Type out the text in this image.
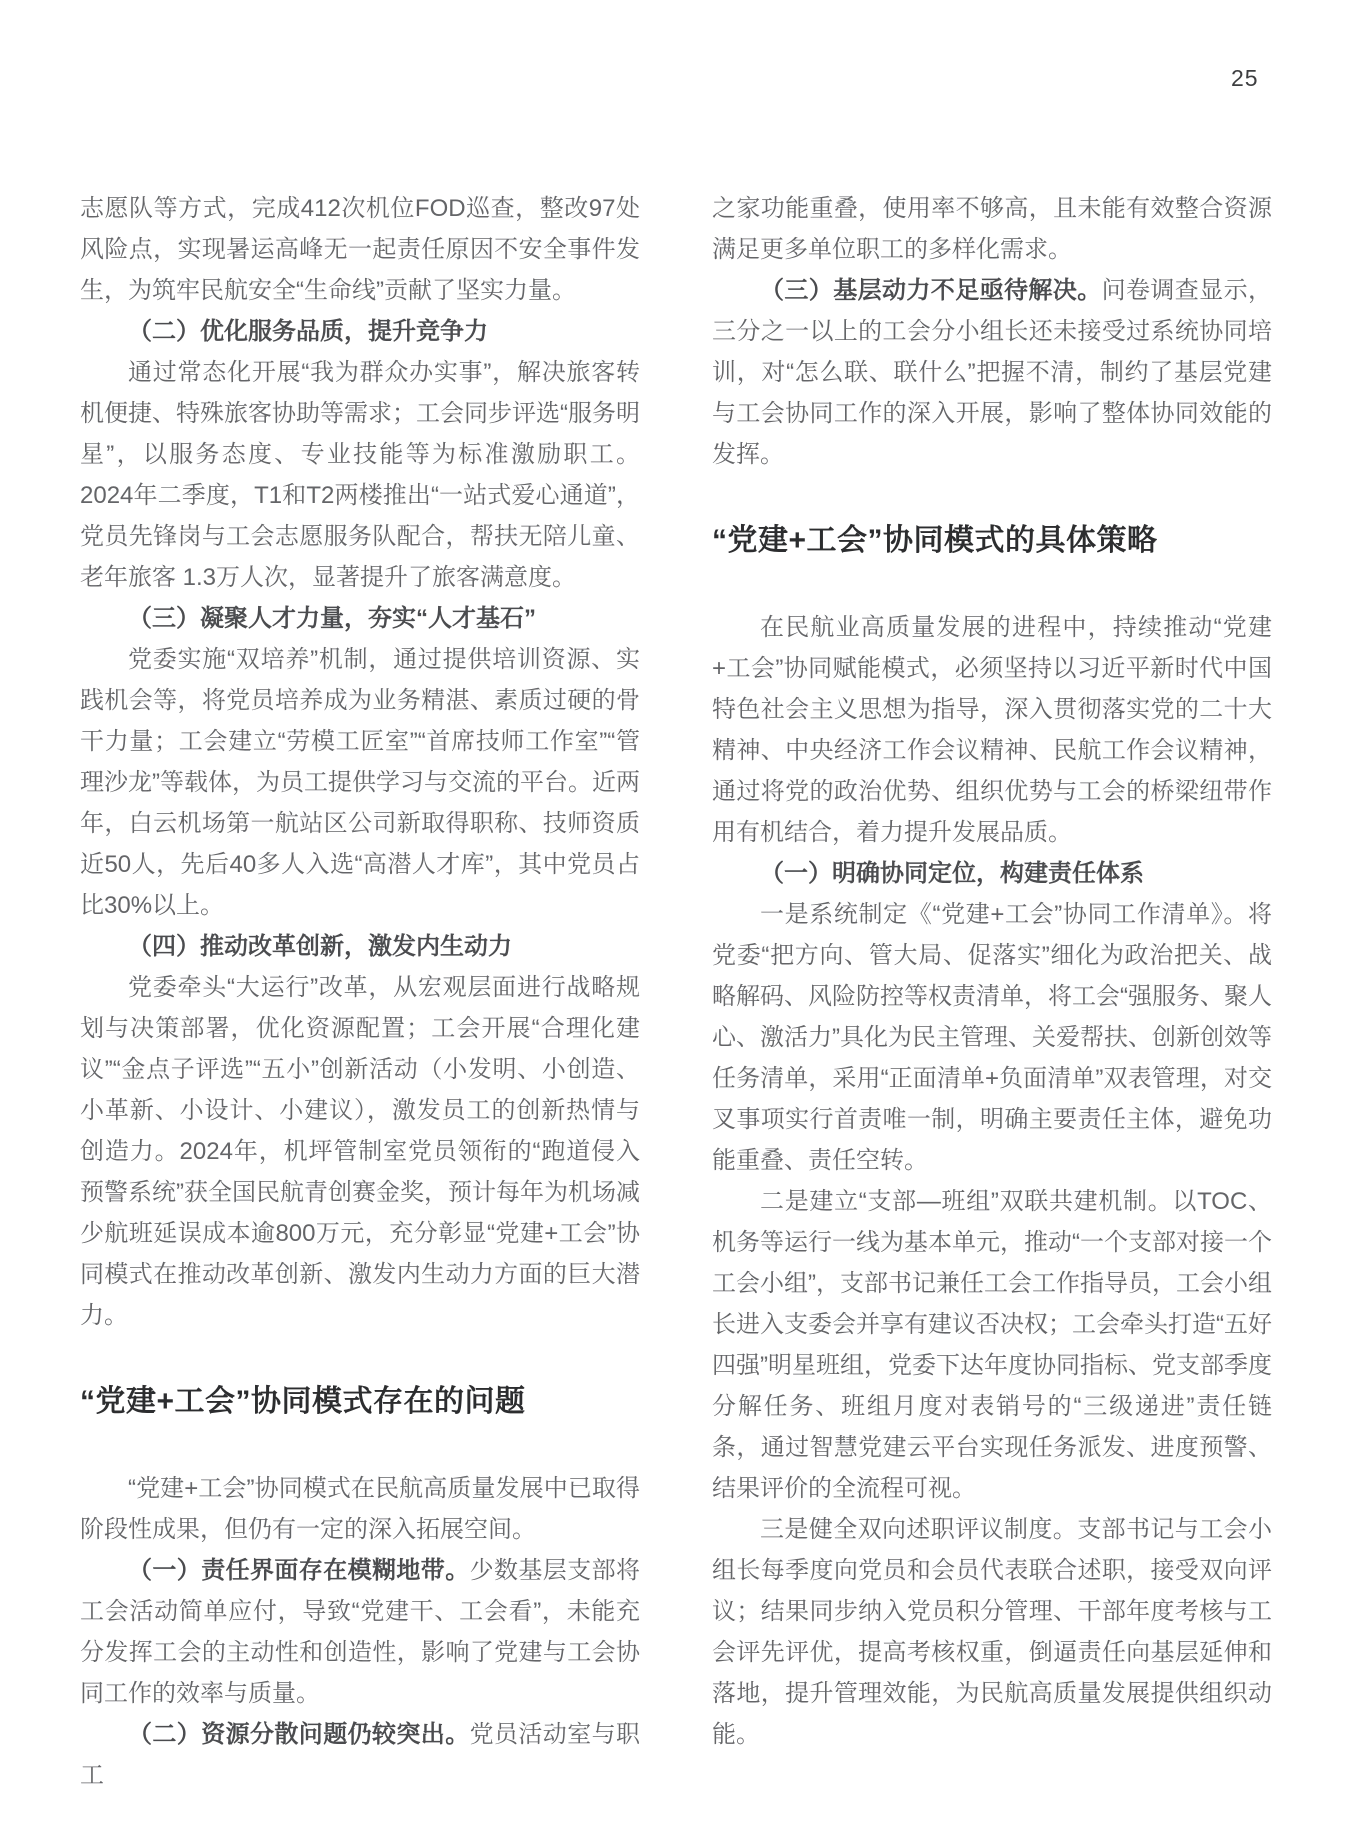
25

志愿队等方式，完成412次机位FOD巡查，整改97处风险点，实现暑运高峰无一起责任原因不安全事件发生，为筑牢民航安全“生命线”贡献了坚实力量。

（二）优化服务品质，提升竞争力

通过常态化开展“我为群众办实事”，解决旅客转机便捷、特殊旅客协助等需求；工会同步评选“服务明星”，以服务态度、专业技能等为标准激励职工。2024年二季度，T1和T2两楼推出“一站式爱心通道”，党员先锋岗与工会志愿服务队配合，帮扶无陪儿童、老年旅客 1.3万人次，显著提升了旅客满意度。

（三）凝聚人才力量，夯实“人才基石”

党委实施“双培养”机制，通过提供培训资源、实践机会等，将党员培养成为业务精湛、素质过硬的骨干力量；工会建立“劳模工匠室”“首席技师工作室”“管理沙龙”等载体，为员工提供学习与交流的平台。近两年，白云机场第一航站区公司新取得职称、技师资质近50人，先后40多人入选“高潜人才库”，其中党员占比30%以上。

（四）推动改革创新，激发内生动力

党委牵头“大运行”改革，从宏观层面进行战略规划与决策部署，优化资源配置；工会开展“合理化建议”“金点子评选”“五小”创新活动（小发明、小创造、小革新、小设计、小建议），激发员工的创新热情与创造力。2024年，机坪管制室党员领衔的“跑道侵入预警系统”获全国民航青创赛金奖，预计每年为机场减少航班延误成本逾800万元，充分彰显“党建+工会”协同模式在推动改革创新、激发内生动力方面的巨大潜力。

“党建+工会”协同模式存在的问题

“党建+工会”协同模式在民航高质量发展中已取得阶段性成果，但仍有一定的深入拓展空间。

（一）责任界面存在模糊地带。少数基层支部将工会活动简单应付，导致“党建干、工会看”，未能充分发挥工会的主动性和创造性，影响了党建与工会协同工作的效率与质量。

（二）资源分散问题仍较突出。党员活动室与职工

之家功能重叠，使用率不够高，且未能有效整合资源满足更多单位职工的多样化需求。

（三）基层动力不足亟待解决。问卷调查显示，三分之一以上的工会分小组长还未接受过系统协同培训，对“怎么联、联什么”把握不清，制约了基层党建与工会协同工作的深入开展，影响了整体协同效能的发挥。

“党建+工会”协同模式的具体策略

在民航业高质量发展的进程中，持续推动“党建+工会”协同赋能模式，必须坚持以习近平新时代中国特色社会主义思想为指导，深入贯彻落实党的二十大精神、中央经济工作会议精神、民航工作会议精神，通过将党的政治优势、组织优势与工会的桥梁纽带作用有机结合，着力提升发展品质。

（一）明确协同定位，构建责任体系

一是系统制定《“党建+工会”协同工作清单》。将党委“把方向、管大局、促落实”细化为政治把关、战略解码、风险防控等权责清单，将工会“强服务、聚人心、激活力”具化为民主管理、关爱帮扶、创新创效等任务清单，采用“正面清单+负面清单”双表管理，对交叉事项实行首责唯一制，明确主要责任主体，避免功能重叠、责任空转。

二是建立“支部—班组”双联共建机制。以TOC、机务等运行一线为基本单元，推动“一个支部对接一个工会小组”，支部书记兼任工会工作指导员，工会小组长进入支委会并享有建议否决权；工会牵头打造“五好四强”明星班组，党委下达年度协同指标、党支部季度分解任务、班组月度对表销号的“三级递进”责任链条，通过智慧党建云平台实现任务派发、进度预警、结果评价的全流程可视。

三是健全双向述职评议制度。支部书记与工会小组长每季度向党员和会员代表联合述职，接受双向评议；结果同步纳入党员积分管理、干部年度考核与工会评先评优，提高考核权重，倒逼责任向基层延伸和落地，提升管理效能，为民航高质量发展提供组织动能。
